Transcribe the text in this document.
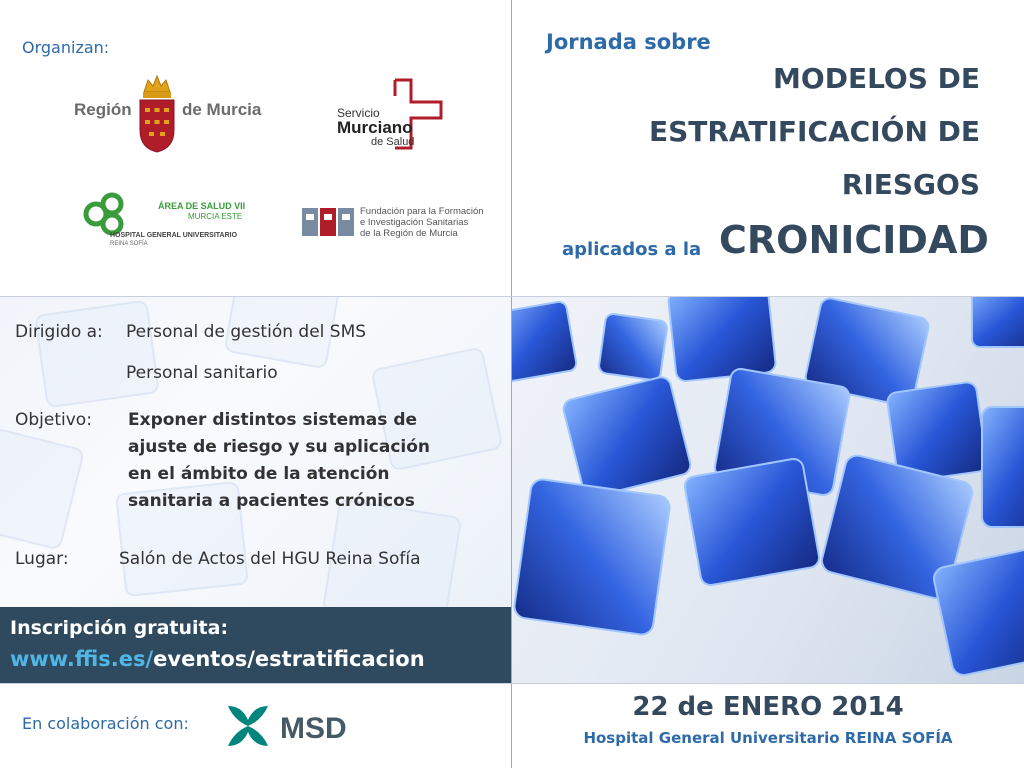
Organizan:
Región	de Murcia	Servicio
Murciano
de Salud
ÁREA DE SALUD VII
MURCIA ESTE
HOSPITAL GENERAL UNIVERSITARIO
REINA SOFÍA
Fundación para la Formación
e Investigación Sanitarias
de la Región de Murcia
Jornada sobre
MODELOS DE
ESTRATIFICACIÓN DE
RIESGOS
aplicados a la CRONICIDAD
Dirigido a: Personal de gestión del SMS
Personal sanitario
Objetivo: Exponer distintos sistemas de
ajuste de riesgo y su aplicación
en el ámbito de la atención
sanitaria a pacientes crónicos
Lugar:	Salón de Actos del HGU Reina Sofía
Inscripción gratuita:
www.ffis.es/eventos/estratificacion
En colaboración con:	MSD
22 de ENERO 2014
Hospital General Universitario REINA SOFÍA
